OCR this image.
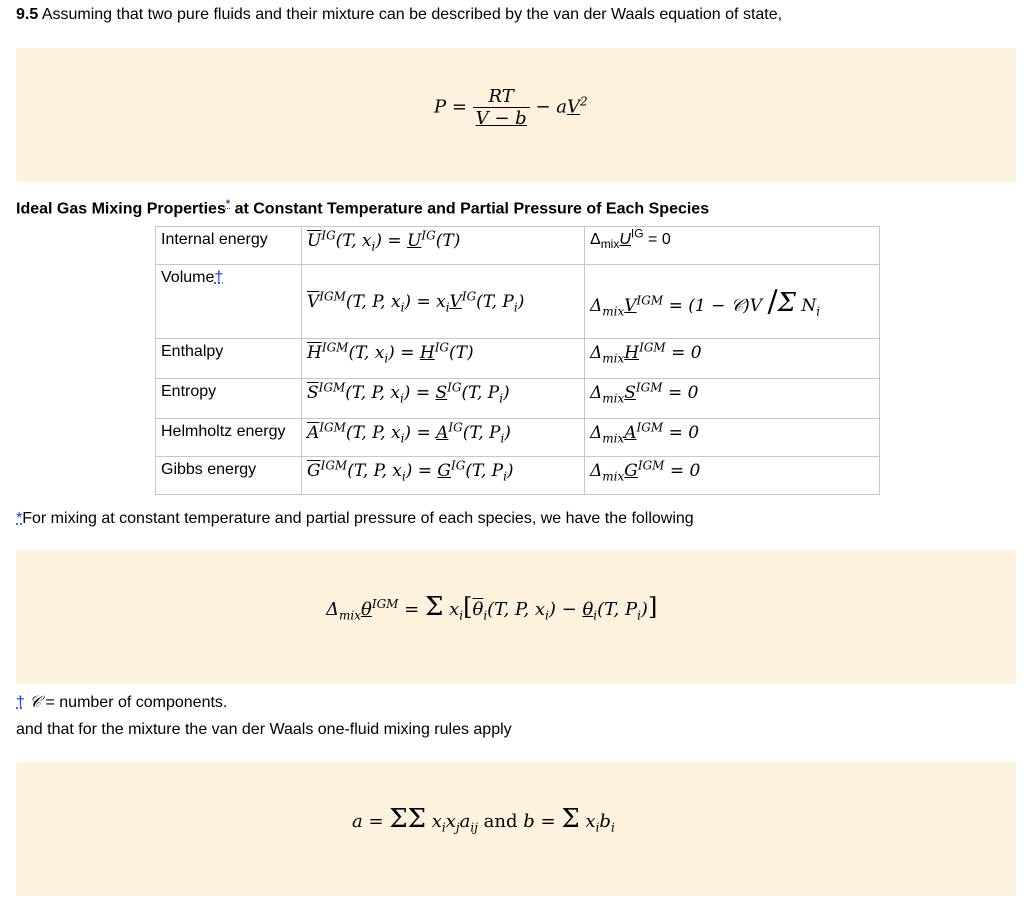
9.5 Assuming that two pure fluids and their mixture can be described by the van der Waals equation of state,
$P = \frac{RT}{V - b} - aV^2$
Ideal Gas Mixing Properties* at Constant Temperature and Partial Pressure of Each Species
Internal energy	$\overline{U}^{IG}(T$, $x_i) = U^{IG}(T)$	$\Delta_{mix}U^{IG} = 0$
Volume†	$\overline{V}^{IGM}(T$, P, $x_i) = x_iV^{IG}(T$, $P_i$)	$\Delta_{mix}V^{IGM} = (1$ − 𝒞)V /Σ $N_i$
Enthalpy	$\overline{H}^{IGM}(T$, $x_i) = H^{IG}(T)$	$\Delta_{mix}H^{IGM} = 0$
Entropy	$\overline{S}^{IGM}(T$, P, $x_i) = S^{IG}(T$, $P_i$)	$\Delta_{mix}S^{IGM} = 0$
Helmholtz energy	$\overline{A}^{IGM}(T$, P, $x_i) = A^{IG}(T$, $P_i$)	$\Delta_{mix}A^{IGM} = 0$
Gibbs energy	$\overline{G}^{IGM}(T$, P, $x_i) = G^{IG}(T$, $P_i$)	$\Delta_{mix}G^{IGM} = 0$
*For mixing at constant temperature and partial pressure of each species, we have the following
$\Delta_{mix}\theta^{IGM} = \Sigma$ $x_i[\overline{\theta}_i(T$, P, $x_i) - \theta_i(T$, $P_i$)]
† 𝒞 = number of components.
and that for the mixture the van der Waals one-fluid mixing rules apply
a = ΣΣ $x_ix_ja_{ij}$ and b = Σ $x_ib_i$
